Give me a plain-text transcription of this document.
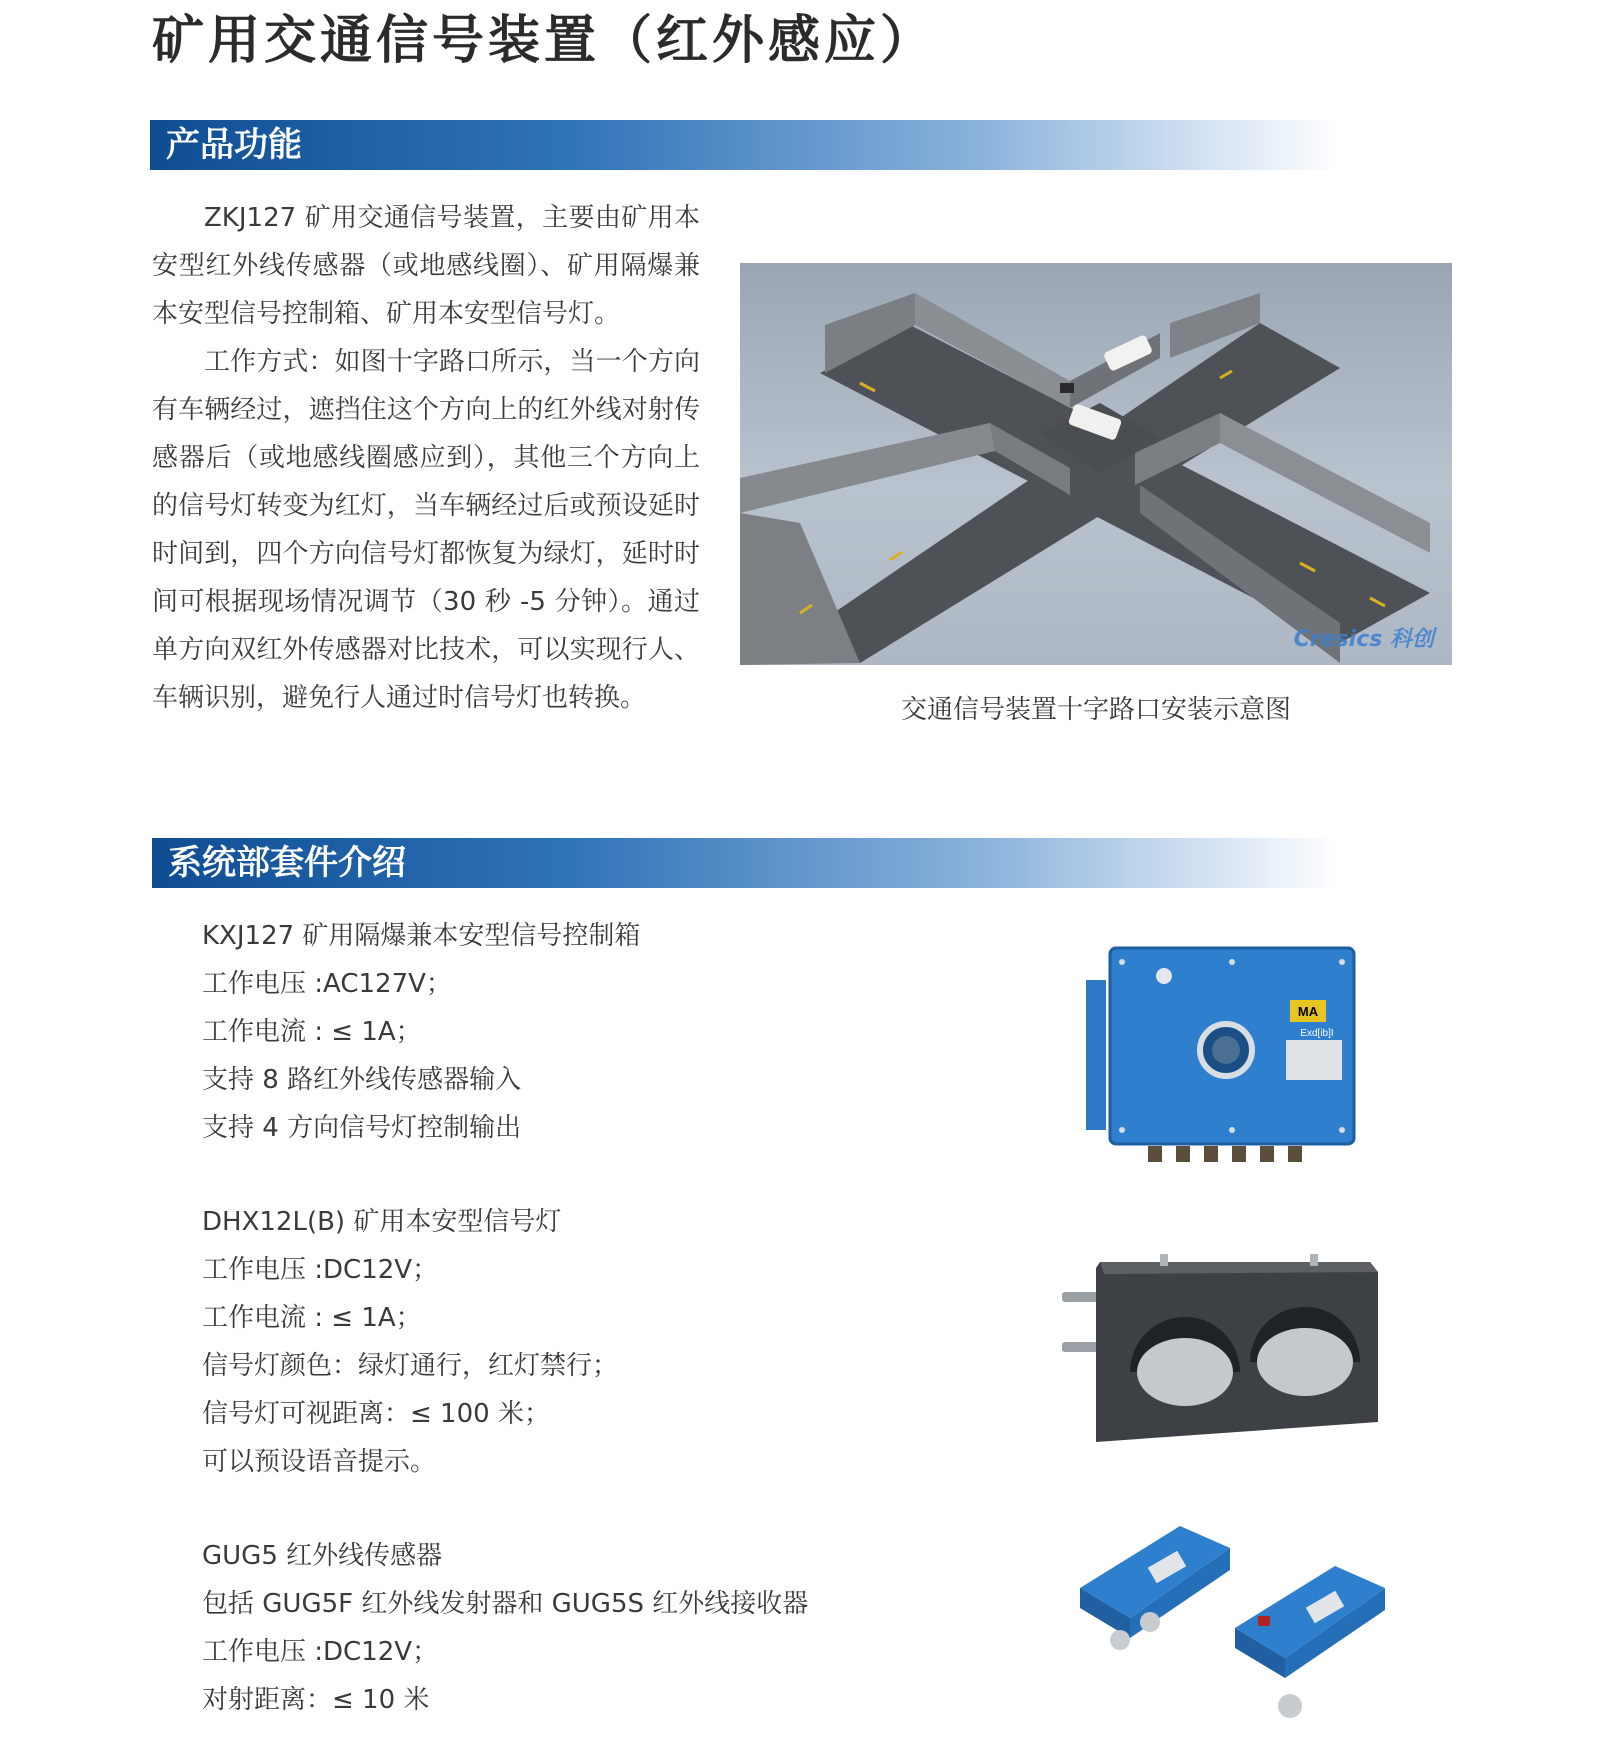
矿用交通信号装置（红外感应）
产品功能

ZKJ127 矿用交通信号装置，主要由矿用本安型红外线传感器（或地感线圈）、矿用隔爆兼本安型信号控制箱、矿用本安型信号灯。

工作方式：如图十字路口所示，当一个方向有车辆经过，遮挡住这个方向上的红外线对射传感器后（或地感线圈感应到），其他三个方向上的信号灯转变为红灯，当车辆经过后或预设延时时间到，四个方向信号灯都恢复为绿灯，延时时间可根据现场情况调节（30 秒 -5 分钟）。通过单方向双红外传感器对比技术，可以实现行人、车辆识别，避免行人通过时信号灯也转换。

Cresics 科创
交通信号装置十字路口安装示意图
系统部套件介绍
KXJ127 矿用隔爆兼本安型信号控制箱
工作电压 :AC127V；
工作电流 : ≤ 1A；
支持 8 路红外线传感器输入
支持 4 方向信号灯控制输出
MA
Exd[ib]I
DHX12L(B) 矿用本安型信号灯
工作电压 :DC12V；
工作电流 : ≤ 1A；
信号灯颜色：绿灯通行，红灯禁行；
信号灯可视距离：≤ 100 米；
可以预设语音提示。
GUG5 红外线传感器
包括 GUG5F 红外线发射器和 GUG5S 红外线接收器
工作电压 :DC12V；
对射距离：≤ 10 米
